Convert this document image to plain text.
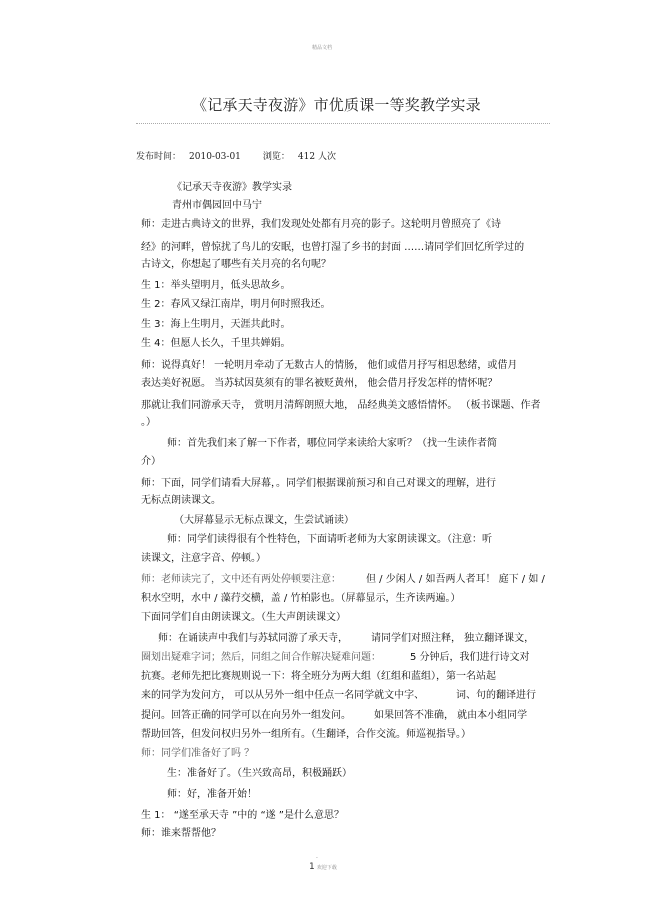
精品文档
《记承天寺夜游》市优质课一等奖教学实录
发布时间： 2010-03-01 浏览： 412 人次
《记承天寺夜游》教学实录
青州市偶园回中马宁
师：走进古典诗文的世界，我们发现处处都有月亮的影子。这轮明月曾照亮了《诗
经》的河畔，曾惊扰了鸟儿的安眠，也曾打湿了乡书的封面 ……请同学们回忆所学过的
古诗文，你想起了哪些有关月亮的名句呢？
生 1：举头望明月，低头思故乡。
生 2：春风又绿江南岸，明月何时照我还。
生 3：海上生明月，天涯共此时。
生 4：但愿人长久，千里共婵娟。
师：说得真好！ 一轮明月牵动了无数古人的情肠， 他们或借月抒写相思愁绪，或借月
表达美好祝愿。 当苏轼因莫须有的罪名被贬黄州， 他会借月抒发怎样的情怀呢？
那就让我们同游承天寺， 赏明月清辉朗照大地， 品经典美文感悟情怀。 （板书课题、作者
。）
师：首先我们来了解一下作者，哪位同学来读给大家听？（找一生读作者简
介）
师：下面，同学们请看大屏幕，。同学们根据课前预习和自己对课文的理解，进行
无标点朗读课文。
（大屏幕显示无标点课文，生尝试诵读）
师：同学们读得很有个性特色，下面请听老师为大家朗读课文。（注意：听
读课文，注意字音、停顿。）
师：老师读完了，文中还有两处停顿要注意：	但 / 少闲人 / 如吾两人者耳！ 庭下 / 如 /
积水空明，水中 / 藻荇交横，盖 / 竹柏影也。（屏幕显示，生齐读两遍。）
下面同学们自由朗读课文。（生大声朗读课文）
师：在诵读声中我们与苏轼同游了承天寺， 请同学们对照注释， 独立翻译课文，
圈划出疑难字词；然后，同组之间合作解决疑难问题：	5 分钟后，我们进行诗文对
抗赛。老师先把比赛规则说一下：将全班分为两大组（红组和蓝组），第一名站起
来的同学为发问方， 可以从另外一组中任点一名同学就文中字、	词、句的翻译进行
提问。回答正确的同学可以在向另外一组发问。 如果回答不准确， 就由本小组同学
帮助回答，但发问权归另外一组所有。（生翻译，合作交流。师巡视指导。）
师：同学们准备好了吗 ？
生：准备好了。（生兴致高昂，积极踊跃）
师：好，准备开始！
生 1： “遂至承天寺 ”中的 “遂 ”是什么意思？
师：谁来帮帮他？
-
1 欢迎下载
